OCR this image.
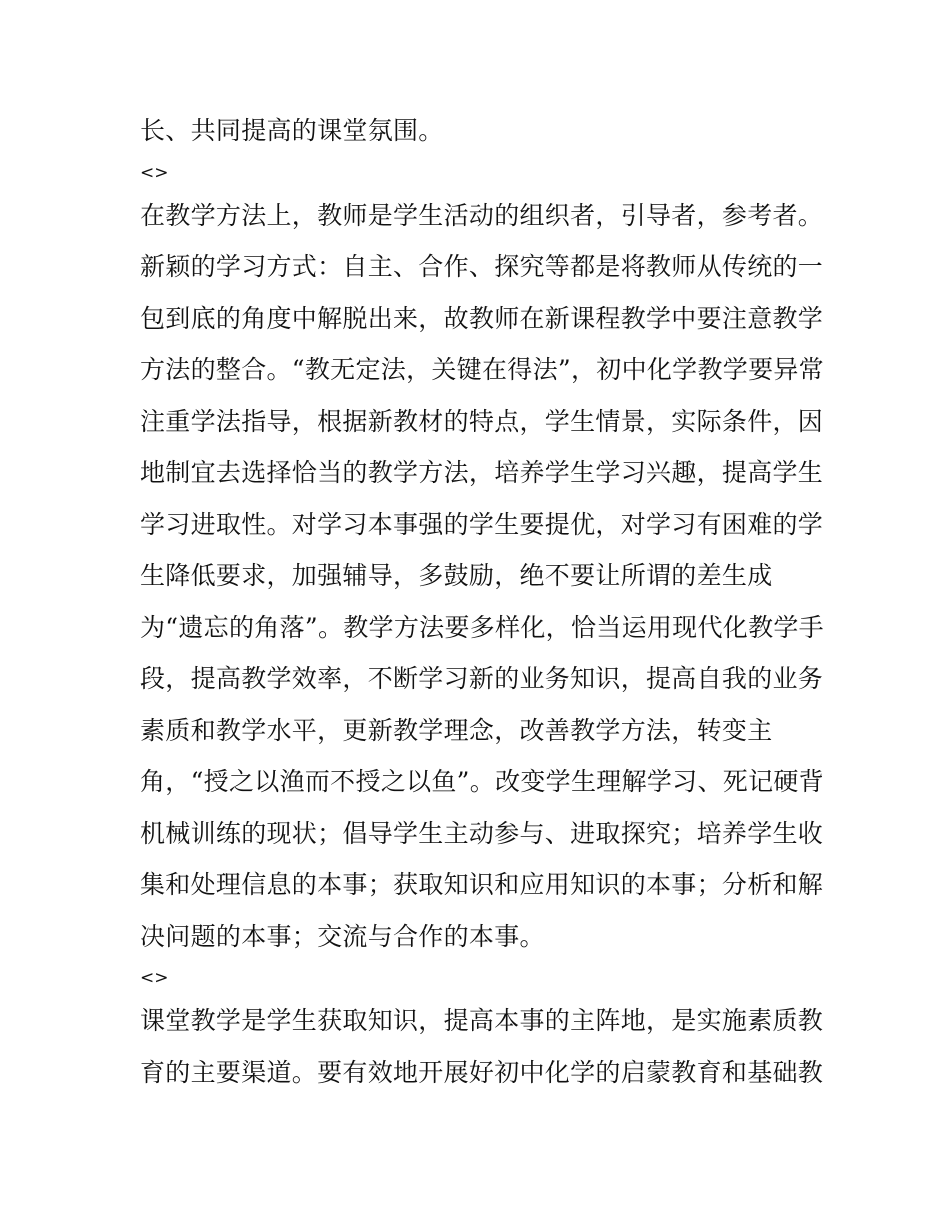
长、共同提高的课堂氛围。
<>
在教学方法上，教师是学生活动的组织者，引导者，参考者。
新颖的学习方式：自主、合作、探究等都是将教师从传统的一
包到底的角度中解脱出来，故教师在新课程教学中要注意教学
方法的整合。“教无定法，关键在得法”，初中化学教学要异常
注重学法指导，根据新教材的特点，学生情景，实际条件，因
地制宜去选择恰当的教学方法，培养学生学习兴趣，提高学生
学习进取性。对学习本事强的学生要提优，对学习有困难的学
生降低要求，加强辅导，多鼓励，绝不要让所谓的差生成
为“遗忘的角落”。教学方法要多样化，恰当运用现代化教学手
段，提高教学效率，不断学习新的业务知识，提高自我的业务
素质和教学水平，更新教学理念，改善教学方法，转变主
角，“授之以渔而不授之以鱼”。改变学生理解学习、死记硬背
机械训练的现状；倡导学生主动参与、进取探究；培养学生收
集和处理信息的本事；获取知识和应用知识的本事；分析和解
决问题的本事；交流与合作的本事。
<>
课堂教学是学生获取知识，提高本事的主阵地，是实施素质教
育的主要渠道。要有效地开展好初中化学的启蒙教育和基础教
